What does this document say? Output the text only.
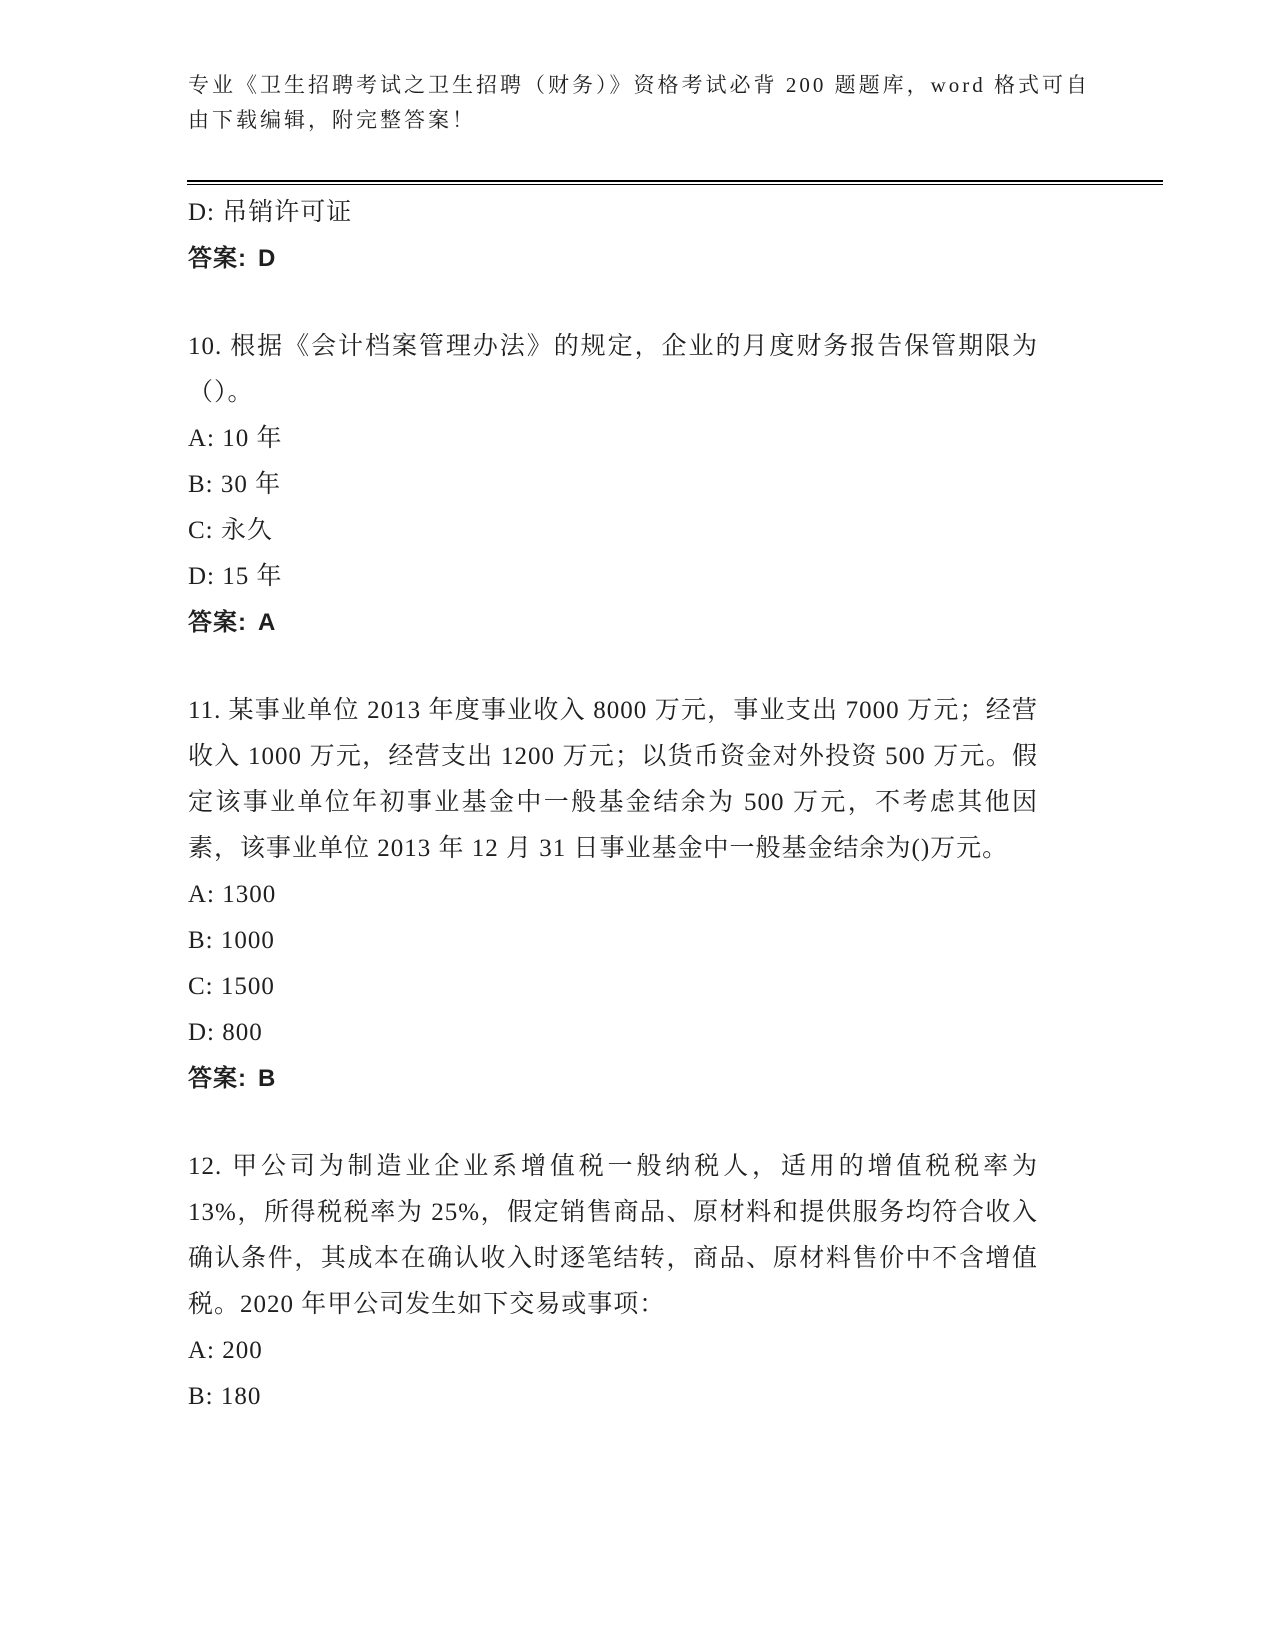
专业《卫生招聘考试之卫生招聘（财务）》资格考试必背 200 题题库，word 格式可自由下载编辑，附完整答案！
D: 吊销许可证
答案: D
10. 根据《会计档案管理办法》的规定，企业的月度财务报告保管期限为（）。
A: 10 年
B: 30 年
C: 永久
D: 15 年
答案: A
11. 某事业单位 2013 年度事业收入 8000 万元，事业支出 7000 万元；经营收入 1000 万元，经营支出 1200 万元；以货币资金对外投资 500 万元。假定该事业单位年初事业基金中一般基金结余为 500 万元，不考虑其他因素，该事业单位 2013 年 12 月 31 日事业基金中一般基金结余为()万元。
A: 1300
B: 1000
C: 1500
D: 800
答案: B
12. 甲公司为制造业企业系增值税一般纳税人，适用的增值税税率为 13%，所得税税率为 25%，假定销售商品、原材料和提供服务均符合收入确认条件，其成本在确认收入时逐笔结转，商品、原材料售价中不含增值税。2020 年甲公司发生如下交易或事项：
A: 200
B: 180
